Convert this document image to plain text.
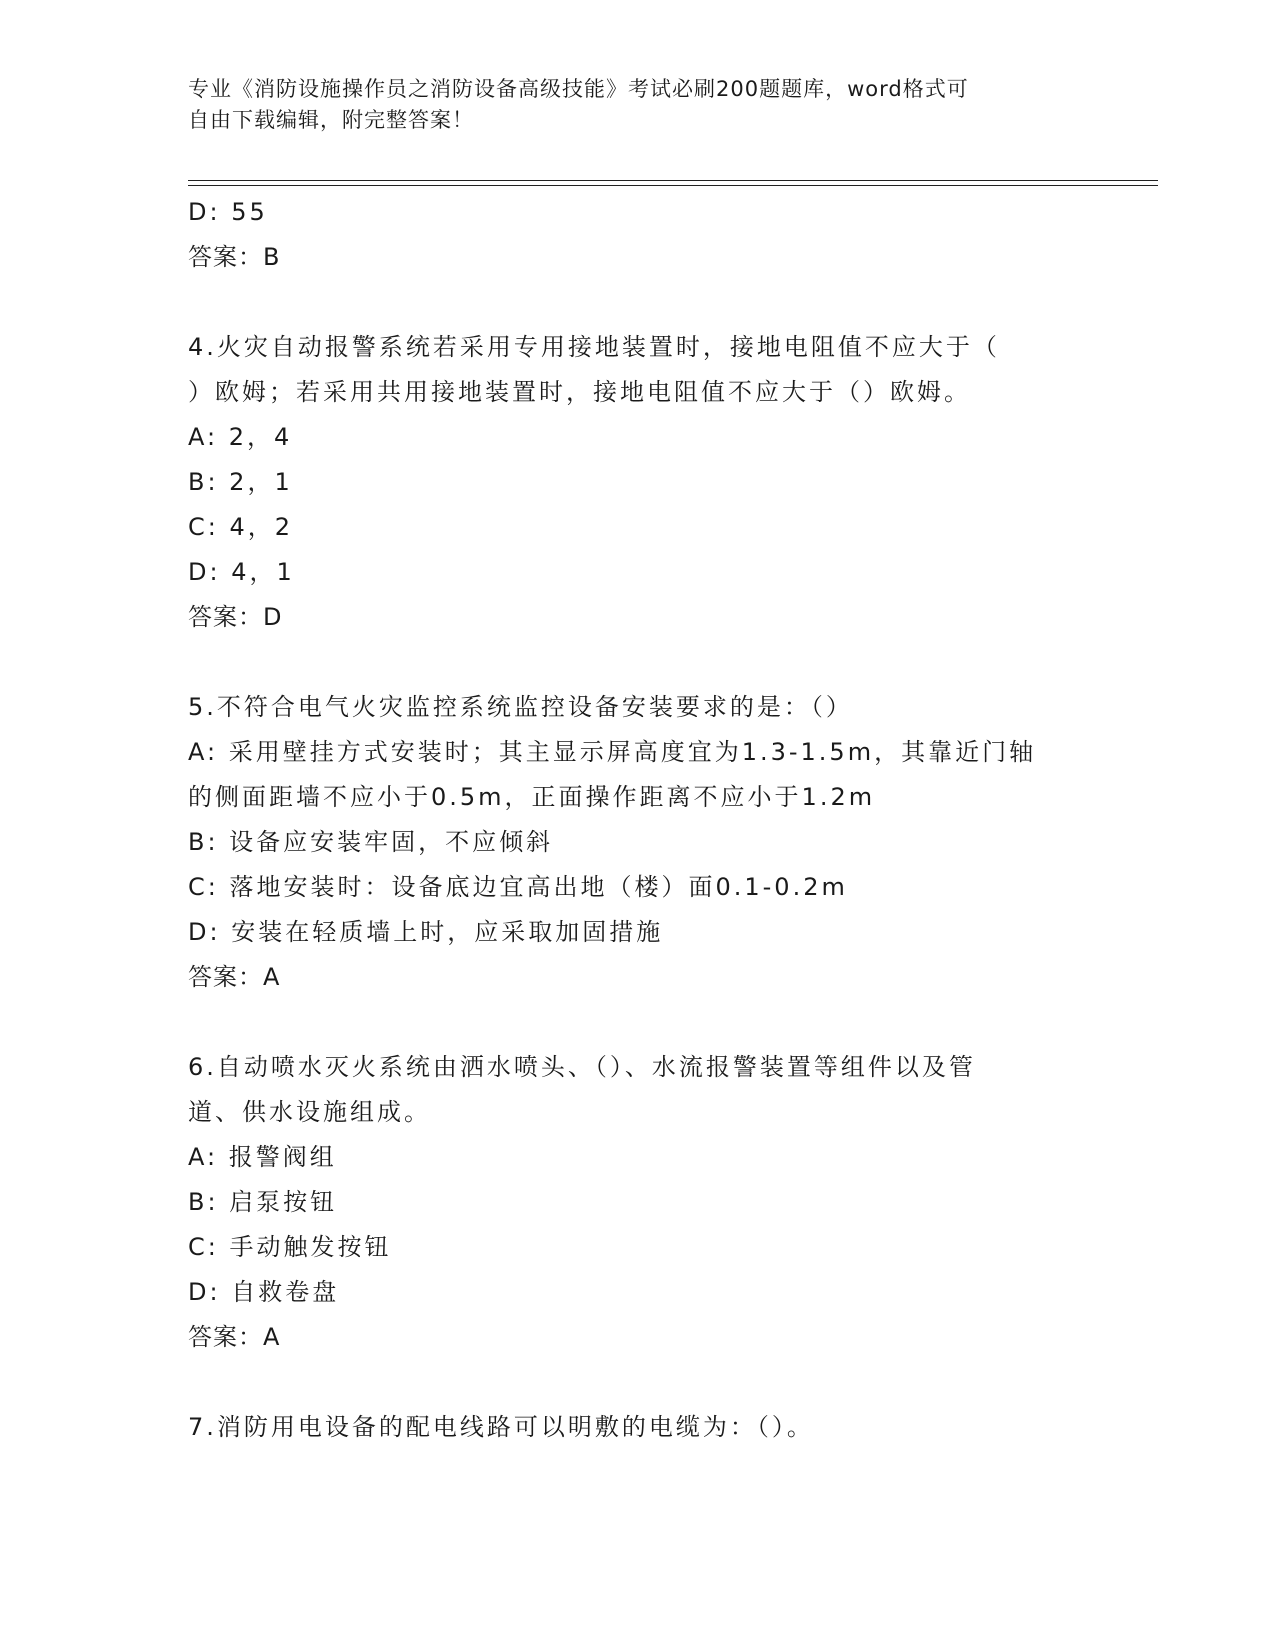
专业《消防设施操作员之消防设备高级技能》考试必刷200题题库，word格式可
自由下载编辑，附完整答案！
D: 55
答案：B
4.火灾自动报警系统若采用专用接地装置时，接地电阻值不应大于（
）欧姆；若采用共用接地装置时，接地电阻值不应大于（）欧姆。
A: 2，4
B: 2，1
C: 4，2
D: 4，1
答案：D
5.不符合电气火灾监控系统监控设备安装要求的是：（）
A: 采用壁挂方式安装时；其主显示屏高度宜为1.3-1.5m，其靠近门轴
的侧面距墙不应小于0.5m，正面操作距离不应小于1.2m
B: 设备应安装牢固，不应倾斜
C: 落地安装时：设备底边宜高出地（楼）面0.1-0.2m
D: 安装在轻质墙上时，应采取加固措施
答案：A
6.自动喷水灭火系统由洒水喷头、（）、水流报警装置等组件以及管
道、供水设施组成。
A: 报警阀组
B: 启泵按钮
C: 手动触发按钮
D: 自救卷盘
答案：A
7.消防用电设备的配电线路可以明敷的电缆为：（）。
